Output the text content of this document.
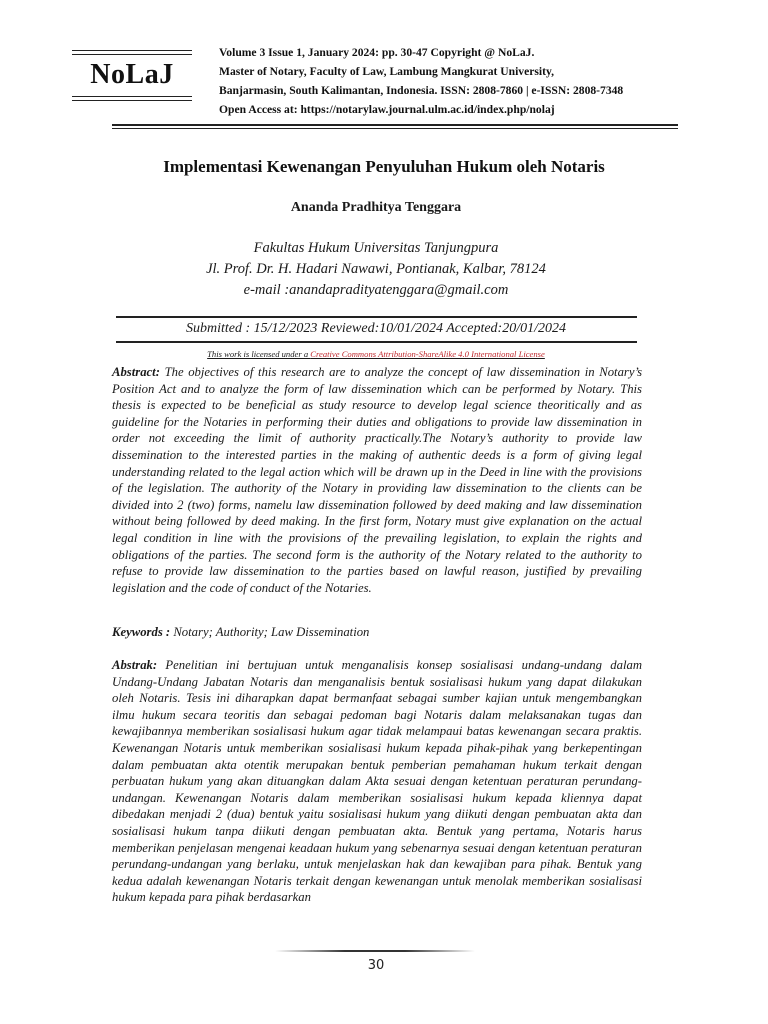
NoLaJ
Volume 3 Issue 1, January 2024: pp. 30-47 Copyright @ NoLaJ.
Master of Notary, Faculty of Law, Lambung Mangkurat University,
Banjarmasin, South Kalimantan, Indonesia. ISSN: 2808-7860 | e-ISSN: 2808-7348
Open Access at: https://notarylaw.journal.ulm.ac.id/index.php/nolaj
Implementasi Kewenangan Penyuluhan Hukum oleh Notaris
Ananda Pradhitya Tenggara
Fakultas Hukum Universitas Tanjungpura
Jl. Prof. Dr. H. Hadari Nawawi, Pontianak, Kalbar, 78124
e-mail :anandapradityatenggara@gmail.com
Submitted : 15/12/2023 Reviewed:10/01/2024 Accepted:20/01/2024
This work is licensed under a Creative Commons Attribution-ShareAlike 4.0 International License
Abstract: The objectives of this research are to analyze the concept of law dissemination in Notary’s Position Act and to analyze the form of law dissemination which can be performed by Notary. This thesis is expected to be beneficial as study resource to develop legal science theoritically and as guideline for the Notaries in performing their duties and obligations to provide law dissemination in order not exceeding the limit of authority practically.The Notary’s authority to provide law dissemination to the interested parties in the making of authentic deeds is a form of giving legal understanding related to the legal action which will be drawn up in the Deed in line with the provisions of the legislation. The authority of the Notary in providing law dissemination to the clients can be divided into 2 (two) forms, namelu law dissemination followed by deed making and law dissemination without being followed by deed making. In the first form, Notary must give explanation on the actual legal condition in line with the provisions of the prevailing legislation, to explain the rights and obligations of the parties. The second form is the authority of the Notary related to the authority to refuse to provide law dissemination to the parties based on lawful reason, justified by prevailing legislation and the code of conduct of the Notaries.
Keywords : Notary; Authority; Law Dissemination
Abstrak: Penelitian ini bertujuan untuk menganalisis konsep sosialisasi undang-undang dalam Undang-Undang Jabatan Notaris dan menganalisis bentuk sosialisasi hukum yang dapat dilakukan oleh Notaris. Tesis ini diharapkan dapat bermanfaat sebagai sumber kajian untuk mengembangkan ilmu hukum secara teoritis dan sebagai pedoman bagi Notaris dalam melaksanakan tugas dan kewajibannya memberikan sosialisasi hukum agar tidak melampaui batas kewenangan secara praktis. Kewenangan Notaris untuk memberikan sosialisasi hukum kepada pihak-pihak yang berkepentingan dalam pembuatan akta otentik merupakan bentuk pemberian pemahaman hukum terkait dengan perbuatan hukum yang akan dituangkan dalam Akta sesuai dengan ketentuan peraturan perundang-undangan. Kewenangan Notaris dalam memberikan sosialisasi hukum kepada kliennya dapat dibedakan menjadi 2 (dua) bentuk yaitu sosialisasi hukum yang diikuti dengan pembuatan akta dan sosialisasi hukum tanpa diikuti dengan pembuatan akta. Bentuk yang pertama, Notaris harus memberikan penjelasan mengenai keadaan hukum yang sebenarnya sesuai dengan ketentuan peraturan perundang-undangan yang berlaku, untuk menjelaskan hak dan kewajiban para pihak. Bentuk yang kedua adalah kewenangan Notaris terkait dengan kewenangan untuk menolak memberikan sosialisasi hukum kepada para pihak berdasarkan
30
